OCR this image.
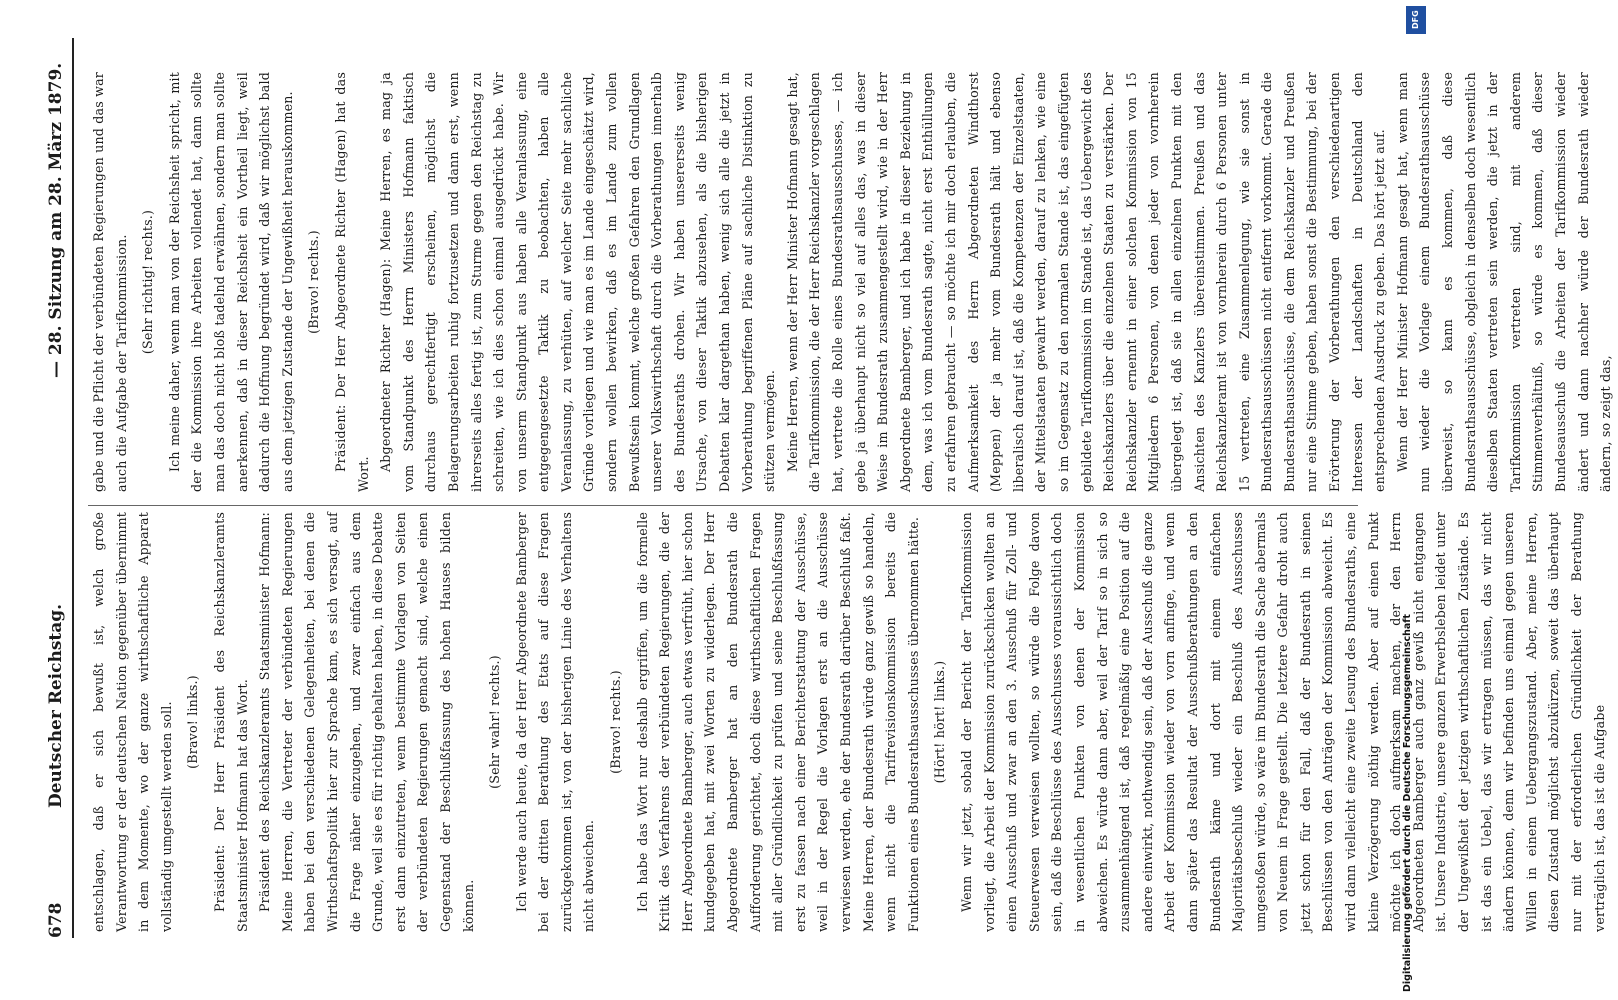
678
Deutscher Reichstag.
— 28. Sitzung am 28. März 1879.

entschlagen, daß er sich bewußt ist, welch große Verantwortung er der deutschen Nation gegenüber übernimmt in dem Momente, wo der ganze wirthschaftliche Apparat vollständig umgestellt werden soll. (Bravo! links.) Präsident: Der Herr Präsident des Reichskanzleramts Staatsminister Hofmann hat das Wort. Präsident des Reichskanzleramts Staatsminister Hofmann: Meine Herren, die Vertreter der verbündeten Regierungen haben bei den verschiedenen Gelegenheiten, bei denen die Wirthschaftspolitik hier zur Sprache kam, es sich versagt, auf die Frage näher einzugehen, und zwar einfach aus dem Grunde, weil sie es für richtig gehalten haben, in diese Debatte erst dann einzutreten, wenn bestimmte Vorlagen von Seiten der verbündeten Regierungen gemacht sind, welche einen Gegenstand der Beschlußfassung des hohen Hauses bilden können.

(Sehr wahr! rechts.) Ich werde auch heute, da der Herr Abgeordnete Bamberger bei der dritten Berathung des Etats auf diese Fragen zurückgekommen ist, von der bisherigen Linie des Verhaltens nicht abweichen.

(Bravo! rechts.) Ich habe das Wort nur deshalb ergriffen, um die formelle Kritik des Verfahrens der verbündeten Regierungen, die der Herr Abgeordnete Bamberger, auch etwas verfrüht, hier schon kundgegeben hat, mit zwei Worten zu widerlegen. Der Herr Abgeordnete Bamberger hat an den Bundesrath die Aufforderung gerichtet, doch diese wirthschaftlichen Fragen mit aller Gründlichkeit zu prüfen und seine Beschlußfassung erst zu fassen nach einer Berichterstattung der Ausschüsse, weil in der Regel die Vorlagen erst an die Ausschüsse verwiesen werden, ehe der Bundesrath darüber Beschluß faßt. Meine Herren, der Bundesrath würde ganz gewiß so handeln, wenn nicht die Tarifrevisionskommission bereits die Funktionen eines Bundesrathsausschusses übernommen hätte. (Hört! hört! links.) Wenn wir jetzt, sobald der Bericht der Tarifkommission vorliegt, die Arbeit der Kommission zurückschicken wollten an einen Ausschuß und zwar an den 3. Ausschuß für Zoll- und Steuerwesen verweisen wollten, so würde die Folge davon sein, daß die Beschlüsse des Ausschusses voraussichtlich doch in wesentlichen Punkten von denen der Kommission abweichen. Es würde dann aber, weil der Tarif so in sich so zusammenhängend ist, daß regelmäßig eine Position auf die andere einwirkt, nothwendig sein, daß der Ausschuß die ganze Arbeit der Kommission wieder von vorn anfinge, und wenn dann später das Resultat der Ausschußberathungen an den Bundesrath käme und dort mit einem einfachen Majoritätsbeschluß wieder ein Beschluß des Ausschusses umgestoßen würde, so wäre im Bundesrath die Sache abermals von Neuem in Frage gestellt. Die letztere Gefahr droht auch jetzt schon für den Fall, daß der Bundesrath in seinen Beschlüssen von den Anträgen der Kommission abweicht. Es wird dann vielleicht eine zweite Lesung des Bundesraths, eine kleine Verzögerung nöthig werden. Aber auf einen Punkt möchte ich doch aufmerksam machen, der den Herrn Abgeordneten Bamberger auch ganz gewiß nicht entgangen ist. Unsere Industrie, unsere ganzen Erwerbsleben leidet unter der Ungewißheit der jetzigen wirthschaftlichen Zustände. Es ist das ein Uebel, das wir ertragen müssen, das wir nicht ändern können, denn wir befinden uns einmal gegen unseren Willen in einem Uebergangszustand. Aber, meine Herren, diesen Zustand möglichst abzukürzen, soweit das überhaupt nur mit der erforderlichen Gründlichkeit der Berathung verträglich ist, das ist die Aufgabe

gabe und die Pflicht der verbündeten Regierungen und das war auch die Aufgabe der Tarifkommission. (Sehr richtig! rechts.) Ich meine daher, wenn man von der Reichsheit spricht, mit der die Kommission ihre Arbeiten vollendet hat, dann sollte man das doch nicht bloß tadelnd erwähnen, sondern man sollte anerkennen, daß in dieser Reichsheit ein Vortheil liegt, weil dadurch die Hoffnung begründet wird, daß wir möglichst bald aus dem jetzigen Zustande der Ungewißheit herauskommen. (Bravo! rechts.) Präsident: Der Herr Abgeordnete Richter (Hagen) hat das Wort.

Abgeordneter Richter (Hagen): Meine Herren, es mag ja vom Standpunkt des Herrn Ministers Hofmann faktisch durchaus gerechtfertigt erscheinen, möglichst die Belagerungsarbeiten ruhig fortzusetzen und dann erst, wenn ihrerseits alles fertig ist, zum Sturme gegen den Reichstag zu schreiten, wie ich dies schon einmal ausgedrückt habe. Wir von unserm Standpunkt aus haben alle Veranlassung, eine entgegengesetzte Taktik zu beobachten, haben alle Veranlassung, zu verhüten, auf welcher Seite mehr sachliche Gründe vorliegen und wie man es im Lande eingeschätzt wird, sondern wollen bewirken, daß es im Lande zum vollen Bewußtsein kommt, welche großen Gefahren den Grundlagen unserer Volkswirthschaft durch die Vorberathungen innerhalb des Bundesraths drohen. Wir haben unsererseits wenig Ursache, von dieser Taktik abzusehen, als die bisherigen Debatten klar dargethan haben, wenig sich alle die jetzt in Vorberathung begriffenen Pläne auf sachliche Distinktion zu stützen vermögen. Meine Herren, wenn der Herr Minister Hofmann gesagt hat, die Tarifkommission, die der Herr Reichskanzler vorgeschlagen hat, vertrete die Rolle eines Bundesrathsausschusses, — ich gebe ja überhaupt nicht so viel auf alles das, was in dieser Weise im Bundesrath zusammengestellt wird, wie in der Herr Abgeordnete Bamberger, und ich habe in dieser Beziehung in dem, was ich vom Bundesrath sagte, nicht erst Enthüllungen zu erfahren gebraucht — so möchte ich mir doch erlauben, die Aufmerksamkeit des Herrn Abgeordneten Windthorst (Meppen) der ja mehr vom Bundesrath hält und ebenso liberalisch darauf ist, daß die Kompetenzen der Einzelstaaten, der Mittelstaaten gewahrt werden, darauf zu lenken, wie eine so im Gegensatz zu den normalen Stande ist, das eingefügten gebildete Tarifkommission im Stande ist, das Uebergewicht des Reichskanzlers über die einzelnen Staaten zu verstärken. Der Reichskanzler ernennt in einer solchen Kommission von 15 Mitgliedern 6 Personen, von denen jeder von vornherein übergelegt ist, daß sie in allen einzelnen Punkten mit den Ansichten des Kanzlers übereinstimmen. Preußen und das Reichskanzleramt ist von vornherein durch 6 Personen unter 15 vertreten, eine Zusammenlegung, wie sie sonst in Bundesrathsausschüssen nicht entfernt vorkommt. Gerade die Bundesrathsausschüsse, die dem Reichskanzler und Preußen nur eine Stimme geben, haben sonst die Bestimmung, bei der Erörterung der Vorberathungen den verschiedenartigen Interessen der Landschaften in Deutschland den entsprechenden Ausdruck zu geben. Das hört jetzt auf. Wenn der Herr Minister Hofmann gesagt hat, wenn man nun wieder die Vorlage einem Bundesrathsausschüsse überweist, so kann es kommen, daß diese Bundesrathsausschüsse, obgleich in denselben doch wesentlich dieselben Staaten vertreten sein werden, die jetzt in der Tarifkommission vertreten sind, mit anderem Stimmenverhältniß, so würde es kommen, daß dieser Bundesausschuß die Arbeiten der Tarifkommission wieder ändert und dann nachher würde der Bundesrath wieder ändern, so zeigt das,

DFG
Digitalisierung gefördert durch die Deutsche Forschungsgemeinschaft
